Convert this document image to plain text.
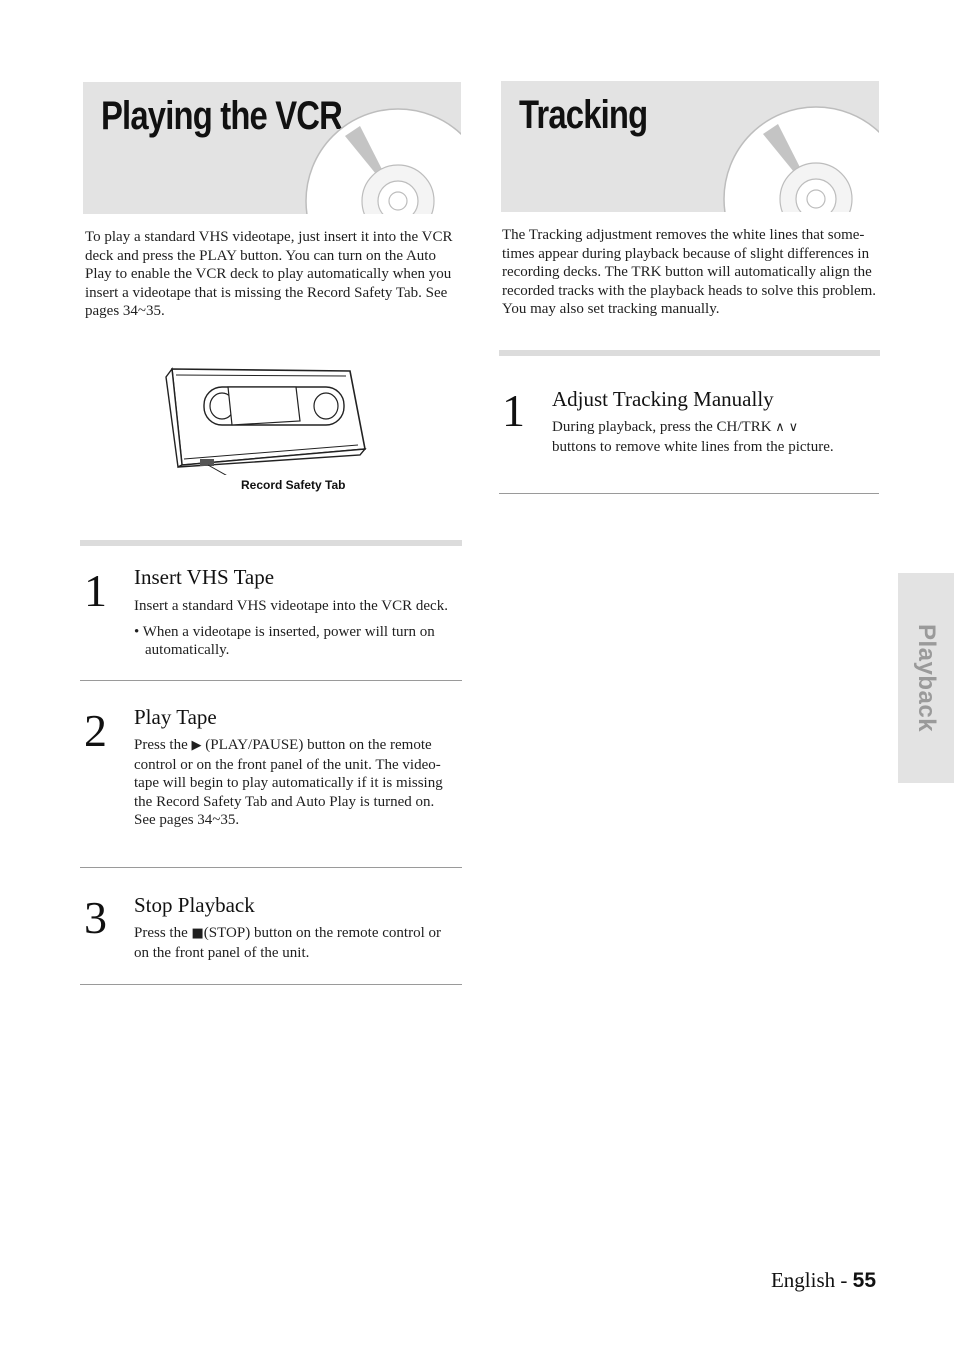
Playing the VCR	Tracking
To play a standard VHS videotape, just insert it into the VCR deck and press the PLAY button. You can turn on the Auto Play to enable the VCR deck to play automatically when you insert a videotape that is missing the Record Safety Tab. See pages 34~35.
Record Safety Tab
1 Insert VHS Tape
Insert a standard VHS videotape into the VCR deck.
• When a videotape is inserted, power will turn on automatically.
2 Play Tape
Press the ▶ (PLAY/PAUSE) button on the remote control or on the front panel of the unit. The video-tape will begin to play automatically if it is missing the Record Safety Tab and Auto Play is turned on. See pages 34~35.
3 Stop Playback
Press the ■(STOP) button on the remote control or on the front panel of the unit.
The Tracking adjustment removes the white lines that some-times appear during playback because of slight differences in recording decks. The TRK button will automatically align the recorded tracks with the playback heads to solve this problem. You may also set tracking manually.
1 Adjust Tracking Manually
During playback, press the CH/TRK ∧ ∨
buttons to remove white lines from the picture.
Playback
English - 55
